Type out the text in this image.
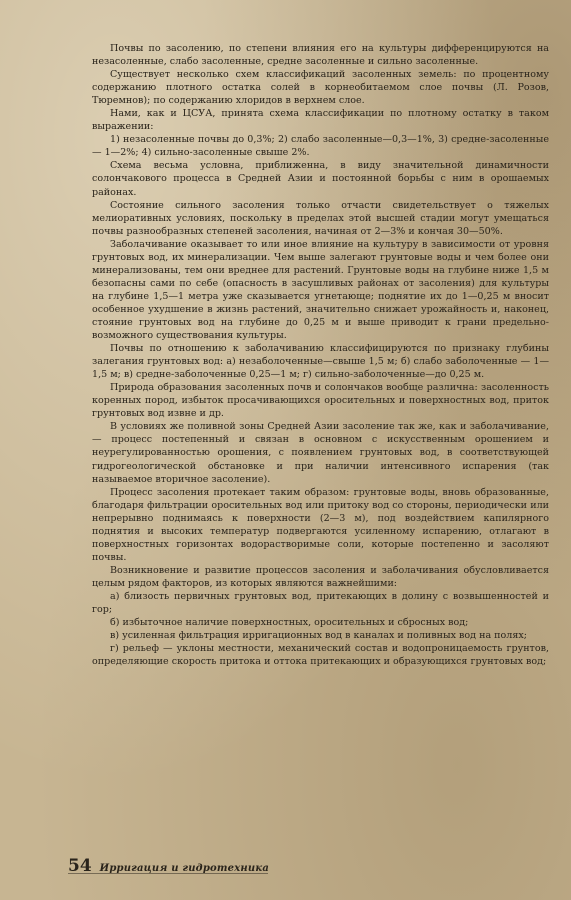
Почвы по засолению, по степени влияния его на культуры дифференцируются на незасоленные, слабо засоленные, средне засоленные и сильно засоленные.

Существует несколько схем классификаций засоленных земель: по процентному содержанию плотного остатка солей в корнеобитаемом слое почвы (Л. Розов, Тюремнов); по содержанию хлоридов в верхнем слое.

Нами, как и ЦСУА, принята схема классификации по плотному остатку в таком выражении:

1) незасоленные почвы до 0,3%; 2) слабо засоленные—0,3—1%, 3) средне-засоленные — 1—2%; 4) сильно-засоленные свыше 2%.

Схема весьма условна, приближенна, в виду значительной динамичности солончакового процесса в Средней Азии и постоянной борьбы с ним в орошаемых районах.

Состояние сильного засоления только отчасти свидетельствует о тяжелых мелиоративных условиях, поскольку в пределах этой высшей стадии могут умещаться почвы разнообразных степеней засоления, начиная от 2—3% и кончая 30—50%.

Заболачивание оказывает то или иное влияние на культуру в зависимости от уровня грунтовых вод, их минерализации. Чем выше залегают грунтовые воды и чем более они минерализованы, тем они вреднее для растений. Грунтовые воды на глубине ниже 1,5 м безопасны сами по себе (опасность в засушливых районах от засоления) для культуры на глубине 1,5—1 метра уже сказывается угнетающе; поднятие их до 1—0,25 м вносит особенное ухудшение в жизнь растений, значительно снижает урожайность и, наконец, стояние грунтовых вод на глубине до 0,25 м и выше приводит к грани предельно-возможного существования культуры.

Почвы по отношению к заболачиванию классифицируются по признаку глубины залегания грунтовых вод: а) незаболоченные—свыше 1,5 м; б) слабо заболоченные — 1—1,5 м; в) средне-заболоченные 0,25—1 м; г) сильно-заболоченные—до 0,25 м.

Природа образования засоленных почв и солончаков вообще различна: засоленность коренных пород, избыток просачивающихся оросительных и поверхностных вод, приток грунтовых вод извне и др.

В условиях же поливной зоны Средней Азии засоление так же, как и заболачивание, — процесс постепенный и связан в основном с искусственным орошением и неурегулированностью орошения, с появлением грунтовых вод, в соответствующей гидрогеологической обстановке и при наличии интенсивного испарения (так называемое вторичное засоление).

Процесс засоления протекает таким образом: грунтовые воды, вновь образованные, благодаря фильтрации оросительных вод или притоку вод со стороны, периодически или непрерывно поднимаясь к поверхности (2—3 м), под воздействием капилярного поднятия и высоких температур подвергаются усиленному испарению, отлагают в поверхностных горизонтах водорастворимые соли, которые постепенно и засоляют почвы.

Возникновение и развитие процессов засоления и заболачивания обусловливается целым рядом факторов, из которых являются важнейшими:

а) близость первичных грунтовых вод, притекающих в долину с возвышенностей и гор;

б) избыточное наличие поверхностных, оросительных и сбросных вод;

в) усиленная фильтрация ирригационных вод в каналах и поливных вод на полях;

г) рельеф — уклоны местности, механический состав и водопроницаемость грунтов, определяющие скорость притока и оттока притекающих и образующихся грунтовых вод;

54 Ирригация и гидротехника
